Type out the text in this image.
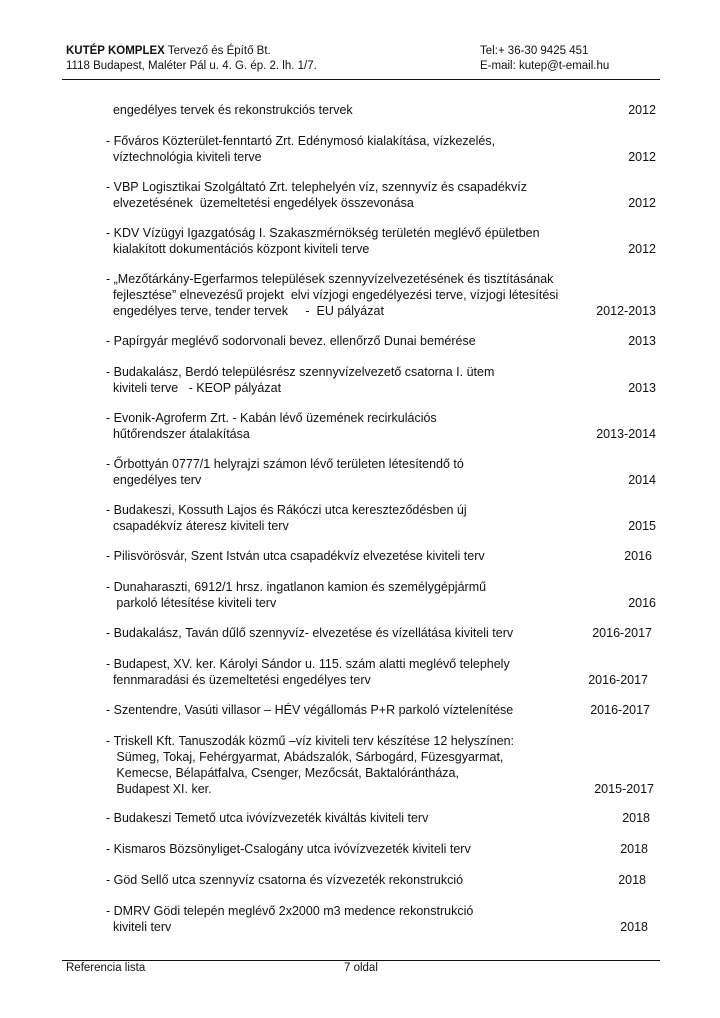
KUTÉP KOMPLEX Tervező és Építő Bt.
1118 Budapest, Maléter Pál u. 4. G. ép. 2. lh. 1/7.
Tel:+ 36-30 9425 451
E-mail: kutep@t-email.hu
engedélyes tervek és rekonstrukciós tervek	2012
- Főváros Közterület-fenntartó Zrt. Edénymosó kialakítása, vízkezelés,
víztechnológia kiviteli terve	2012
- VBP Logisztikai Szolgáltató Zrt. telephelyén víz, szennyvíz és csapadékvíz
elvezetésének  üzemeltetési engedélyek összevonása	2012
- KDV Vízügyi Igazgatóság I. Szakaszmérnökség területén meglévő épületben
kialakított dokumentációs központ kiviteli terve	2012
- „Mezőtárkány-Egerfarmos települések szennyvízelvezetésének és tisztításának
fejlesztése” elnevezésű projekt  elvi vízjogi engedélyezési terve, vízjogi létesítési
engedélyes terve, tender tervek     -  EU pályázat	2012-2013
- Papírgyár meglévő sodorvonali bevez. ellenőrző Dunai bemérése	2013
- Budakalász, Berdó településrész szennyvízelvezető csatorna I. ütem
kiviteli terve   - KEOP pályázat	2013
- Evonik-Agroferm Zrt. - Kabán lévő üzemének recirkulációs
hűtőrendszer átalakítása	2013-2014
- Őrbottyán 0777/1 helyrajzi számon lévő területen létesítendő tó
engedélyes terv	2014
- Budakeszi, Kossuth Lajos és Rákóczi utca kereszteződésben új
csapadékvíz áteresz kiviteli terv	2015
- Pilisvörösvár, Szent István utca csapadékvíz elvezetése kiviteli terv	2016
- Dunaharaszti, 6912/1 hrsz. ingatlanon kamion és személygépjármű
parkoló létesítése kiviteli terv	2016
- Budakalász, Taván dűlő szennyvíz- elvezetése és vízellátása kiviteli terv	2016-2017
- Budapest, XV. ker. Károlyi Sándor u. 115. szám alatti meglévő telephely
fennmaradási és üzemeltetési engedélyes terv	2016-2017
- Szentendre, Vasúti villasor – HÉV végállomás P+R parkoló víztelenítése	2016-2017
- Triskell Kft. Tanuszodák közmű –víz kiviteli terv készítése 12 helyszínen:
Sümeg, Tokaj, Fehérgyarmat, Abádszalók, Sárbogárd, Füzesgyarmat,
Kemecse, Bélapátfalva, Csenger, Mezőcsát, Baktalórántháza,
Budapest XI. ker.	2015-2017
- Budakeszi Temető utca ivóvízvezeték kiváltás kiviteli terv	2018
- Kismaros Bözsönyliget-Csalogány utca ivóvízvezeték kiviteli terv	2018
- Göd Sellő utca szennyvíz csatorna és vízvezeték rekonstrukció	2018
- DMRV Gödi telepén meglévő 2x2000 m3 medence rekonstrukció
kiviteli terv	2018
Referencia lista	7 oldal
